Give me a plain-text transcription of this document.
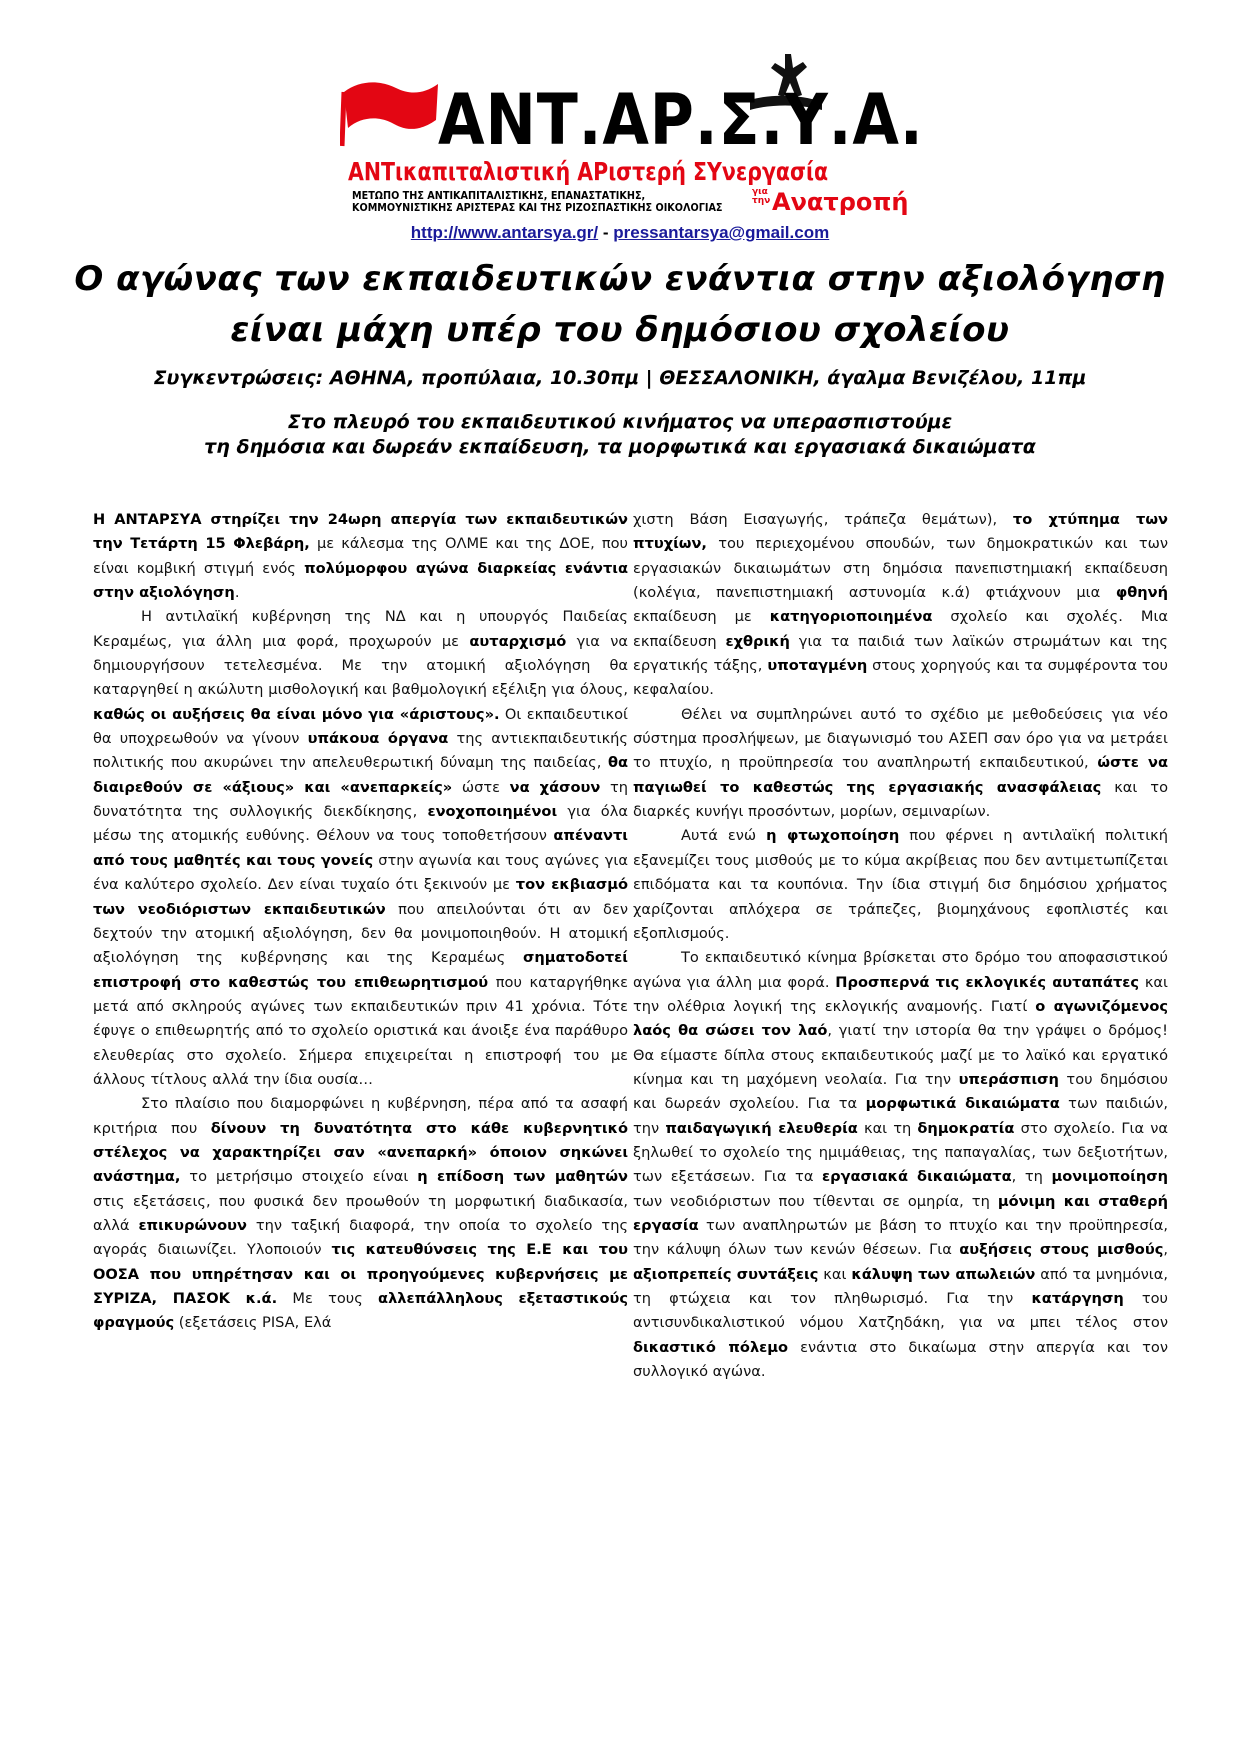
ΑΝΤ.ΑΡ.Σ.Υ.Α.
ΑΝΤικαπιταλιστική ΑΡιστερή ΣΥνεργασία
ΜΕΤΩΠΟ ΤΗΣ ΑΝΤΙΚΑΠΙΤΑΛΙΣΤΙΚΗΣ, ΕΠΑΝΑΣΤΑΤΙΚΗΣ,
ΚΟΜΜΟΥΝΙΣΤΙΚΗΣ ΑΡΙΣΤΕΡΑΣ ΚΑΙ ΤΗΣ ΡΙΖΟΣΠΑΣΤΙΚΗΣ ΟΙΚΟΛΟΓΙΑΣ
για την Ανατροπή
http://www.antarsya.gr/ - pressantarsya@gmail.com
Ο αγώνας των εκπαιδευτικών ενάντια στην αξιολόγηση
είναι μάχη υπέρ του δημόσιου σχολείου
Συγκεντρώσεις: ΑΘΗΝΑ, προπύλαια, 10.30πμ | ΘΕΣΣΑΛΟΝΙΚΗ, άγαλμα Βενιζέλου, 11πμ
Στο πλευρό του εκπαιδευτικού κινήματος να υπερασπιστούμε
τη δημόσια και δωρεάν εκπαίδευση, τα μορφωτικά και εργασιακά δικαιώματα

Η ΑΝΤΑΡΣΥΑ στηρίζει την 24ωρη απεργία των εκπαιδευτικών την Τετάρτη 15 Φλεβάρη, με κάλεσμα της ΟΛΜΕ και της ΔΟΕ, που είναι κομβική στιγμή ενός πολύμορφου αγώνα διαρκείας ενάντια στην αξιολόγηση.

Η αντιλαϊκή κυβέρνηση της ΝΔ και η υπουργός Παιδείας Κεραμέως, για άλλη μια φορά, προχωρούν με αυταρχισμό για να δημιουργήσουν τετελεσμένα. Με την ατομική αξιολόγηση θα καταργηθεί η ακώλυτη μισθολογική και βαθμολογική εξέλιξη για όλους, καθώς οι αυξήσεις θα είναι μόνο για «άριστους». Οι εκπαιδευτικοί θα υποχρεωθούν να γίνουν υπάκουα όργανα της αντιεκπαιδευτικής πολιτικής που ακυρώνει την απελευθερωτική δύναμη της παιδείας, θα διαιρεθούν σε «άξιους» και «ανεπαρκείς» ώστε να χάσουν τη δυνατότητα της συλλογικής διεκδίκησης, ενοχοποιημένοι για όλα μέσω της ατομικής ευθύνης. Θέλουν να τους τοποθετήσουν απέναντι από τους μαθητές και τους γονείς στην αγωνία και τους αγώνες για ένα καλύτερο σχολείο. Δεν είναι τυχαίο ότι ξεκινούν με τον εκβιασμό των νεοδιόριστων εκπαιδευτικών που απειλούνται ότι αν δεν δεχτούν την ατομική αξιολόγηση, δεν θα μονιμοποιηθούν. Η ατομική αξιολόγηση της κυβέρνησης και της Κεραμέως σηματοδοτεί επιστροφή στο καθεστώς του επιθεωρητισμού που καταργήθηκε μετά από σκληρούς αγώνες των εκπαιδευτικών πριν 41 χρόνια. Τότε έφυγε ο επιθεωρητής από το σχολείο οριστικά και άνοιξε ένα παράθυρο ελευθερίας στο σχολείο. Σήμερα επιχειρείται η επιστροφή του με άλλους τίτλους αλλά την ίδια ουσία…

Στο πλαίσιο που διαμορφώνει η κυβέρνηση, πέρα από τα ασαφή κριτήρια που δίνουν τη δυνατότητα στο κάθε κυβερνητικό στέλεχος να χαρακτηρίζει σαν «ανεπαρκή» όποιον σηκώνει ανάστημα, το μετρήσιμο στοιχείο είναι η επίδοση των μαθητών στις εξετάσεις, που φυσικά δεν προωθούν τη μορφωτική διαδικασία, αλλά επικυρώνουν την ταξική διαφορά, την οποία το σχολείο της αγοράς διαιωνίζει. Υλοποιούν τις κατευθύνσεις της Ε.Ε και του ΟΟΣΑ που υπηρέτησαν και οι προηγούμενες κυβερνήσεις με ΣΥΡΙΖΑ, ΠΑΣΟΚ κ.ά. Με τους αλλεπάλληλους εξεταστικούς φραγμούς (εξετάσεις PISA, Ελά

χιστη Βάση Εισαγωγής, τράπεζα θεμάτων), το χτύπημα των πτυχίων, του περιεχομένου σπουδών, των δημοκρατικών και των εργασιακών δικαιωμάτων στη δημόσια πανεπιστημιακή εκπαίδευση (κολέγια, πανεπιστημιακή αστυνομία κ.ά) φτιάχνουν μια φθηνή εκπαίδευση με κατηγοριοποιημένα σχολείο και σχολές. Μια εκπαίδευση εχθρική για τα παιδιά των λαϊκών στρωμάτων και της εργατικής τάξης, υποταγμένη στους χορηγούς και τα συμφέροντα του κεφαλαίου.

Θέλει να συμπληρώνει αυτό το σχέδιο με μεθοδεύσεις για νέο σύστημα προσλήψεων, με διαγωνισμό του ΑΣΕΠ σαν όρο για να μετράει το πτυχίο, η προϋπηρεσία του αναπληρωτή εκπαιδευτικού, ώστε να παγιωθεί το καθεστώς της εργασιακής ανασφάλειας και το διαρκές κυνήγι προσόντων, μορίων, σεμιναρίων.

Αυτά ενώ η φτωχοποίηση που φέρνει η αντιλαϊκή πολιτική εξανεμίζει τους μισθούς με το κύμα ακρίβειας που δεν αντιμετωπίζεται επιδόματα και τα κουπόνια. Την ίδια στιγμή δισ δημόσιου χρήματος χαρίζονται απλόχερα σε τράπεζες, βιομηχάνους εφοπλιστές και εξοπλισμούς.

Το εκπαιδευτικό κίνημα βρίσκεται στο δρόμο του αποφασιστικού αγώνα για άλλη μια φορά. Προσπερνά τις εκλογικές αυταπάτες και την ολέθρια λογική της εκλογικής αναμονής. Γιατί ο αγωνιζόμενος λαός θα σώσει τον λαό, γιατί την ιστορία θα την γράψει ο δρόμος! Θα είμαστε δίπλα στους εκπαιδευτικούς μαζί με το λαϊκό και εργατικό κίνημα και τη μαχόμενη νεολαία. Για την υπεράσπιση του δημόσιου και δωρεάν σχολείου. Για τα μορφωτικά δικαιώματα των παιδιών, την παιδαγωγική ελευθερία και τη δημοκρατία στο σχολείο. Για να ξηλωθεί το σχολείο της ημιμάθειας, της παπαγαλίας, των δεξιοτήτων, των εξετάσεων. Για τα εργασιακά δικαιώματα, τη μονιμοποίηση των νεοδιόριστων που τίθενται σε ομηρία, τη μόνιμη και σταθερή εργασία των αναπληρωτών με βάση το πτυχίο και την προϋπηρεσία, την κάλυψη όλων των κενών θέσεων. Για αυξήσεις στους μισθούς, αξιοπρεπείς συντάξεις και κάλυψη των απωλειών από τα μνημόνια, τη φτώχεια και τον πληθωρισμό. Για την κατάργηση του αντισυνδικαλιστικού νόμου Χατζηδάκη, για να μπει τέλος στον δικαστικό πόλεμο ενάντια στο δικαίωμα στην απεργία και τον συλλογικό αγώνα.
